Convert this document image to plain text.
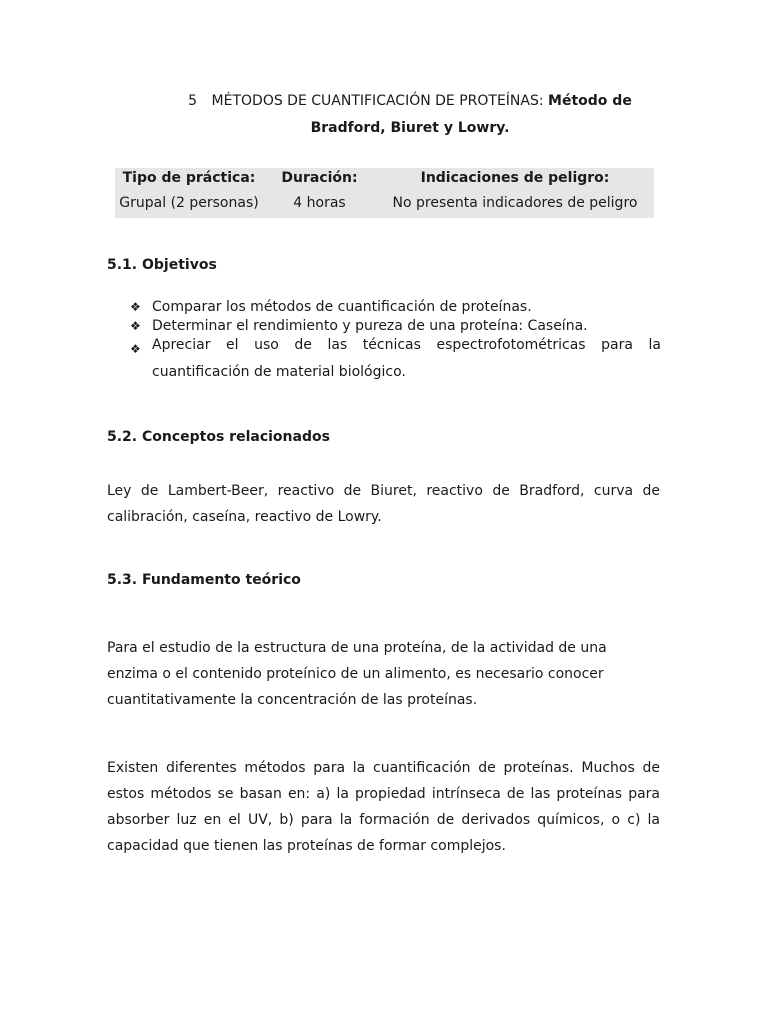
5 MÉTODOS DE CUANTIFICACIÓN DE PROTEÍNAS: Método de
Bradford, Biuret y Lowry.
Tipo de práctica:	Duración:	Indicaciones de peligro:
Grupal (2 personas)	4 horas	No presenta indicadores de peligro
5.1. Objetivos
❖ Comparar los métodos de cuantificación de proteínas.
❖ Determinar el rendimiento y pureza de una proteína: Caseína.
❖ Apreciar el uso de las técnicas espectrofotométricas para la cuantificación de material biológico.
5.2. Conceptos relacionados
Ley de Lambert-Beer, reactivo de Biuret, reactivo de Bradford, curva de calibración, caseína, reactivo de Lowry.
5.3. Fundamento teórico
Para el estudio de la estructura de una proteína, de la actividad de una enzima o el contenido proteínico de un alimento, es necesario conocer cuantitativamente la concentración de las proteínas.
Existen diferentes métodos para la cuantificación de proteínas. Muchos de estos métodos se basan en: a) la propiedad intrínseca de las proteínas para absorber luz en el UV, b) para la formación de derivados químicos, o c) la capacidad que tienen las proteínas de formar complejos.
